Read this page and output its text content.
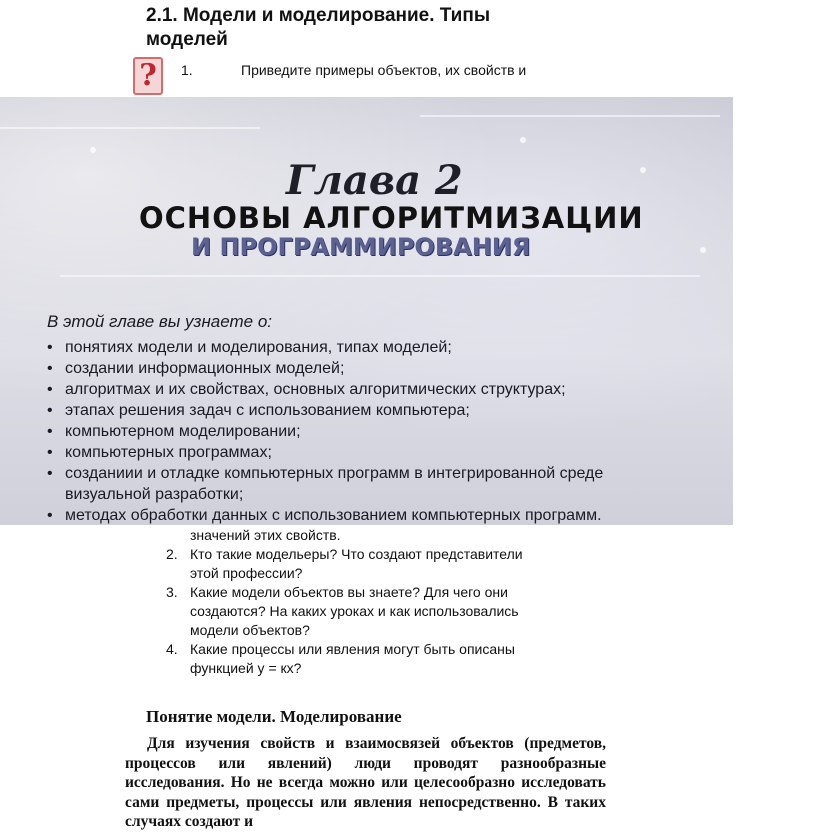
2.1. Модели и моделирование. Типы моделей
? 1.	Приведите примеры объектов, их свойств и
Глава 2
ОСНОВЫ АЛГОРИТМИЗАЦИИ
И ПРОГРАММИРОВАНИЯ
В этой главе вы узнаете о:
• понятиях модели и моделирования, типах моделей;
• создании информационных моделей;
• алгоритмах и их свойствах, основных алгоритмических структурах;
• этапах решения задач с использованием компьютера;
• компьютерном моделировании;
• компьютерных программах;
• созданиии и отладке компьютерных программ в интегрированной среде
визуальной разработки;
• методах обработки данных с использованием компьютерных программ.
значений этих свойств.
2. Кто такие модельеры? Что создают представители
этой профессии?
3. Какие модели объектов вы знаете? Для чего они
создаются? На каких уроках и как использовались
модели объектов?
4. Какие процессы или явления могут быть описаны
функцией y = кх?
Понятие модели. Моделирование

Для изучения свойств и взаимосвязей объектов (предметов, процессов или явлений) люди проводят разнообразные исследования. Но не всегда можно или целесообразно исследовать сами предметы, процессы или явления непосредственно. В таких случаях создают и
